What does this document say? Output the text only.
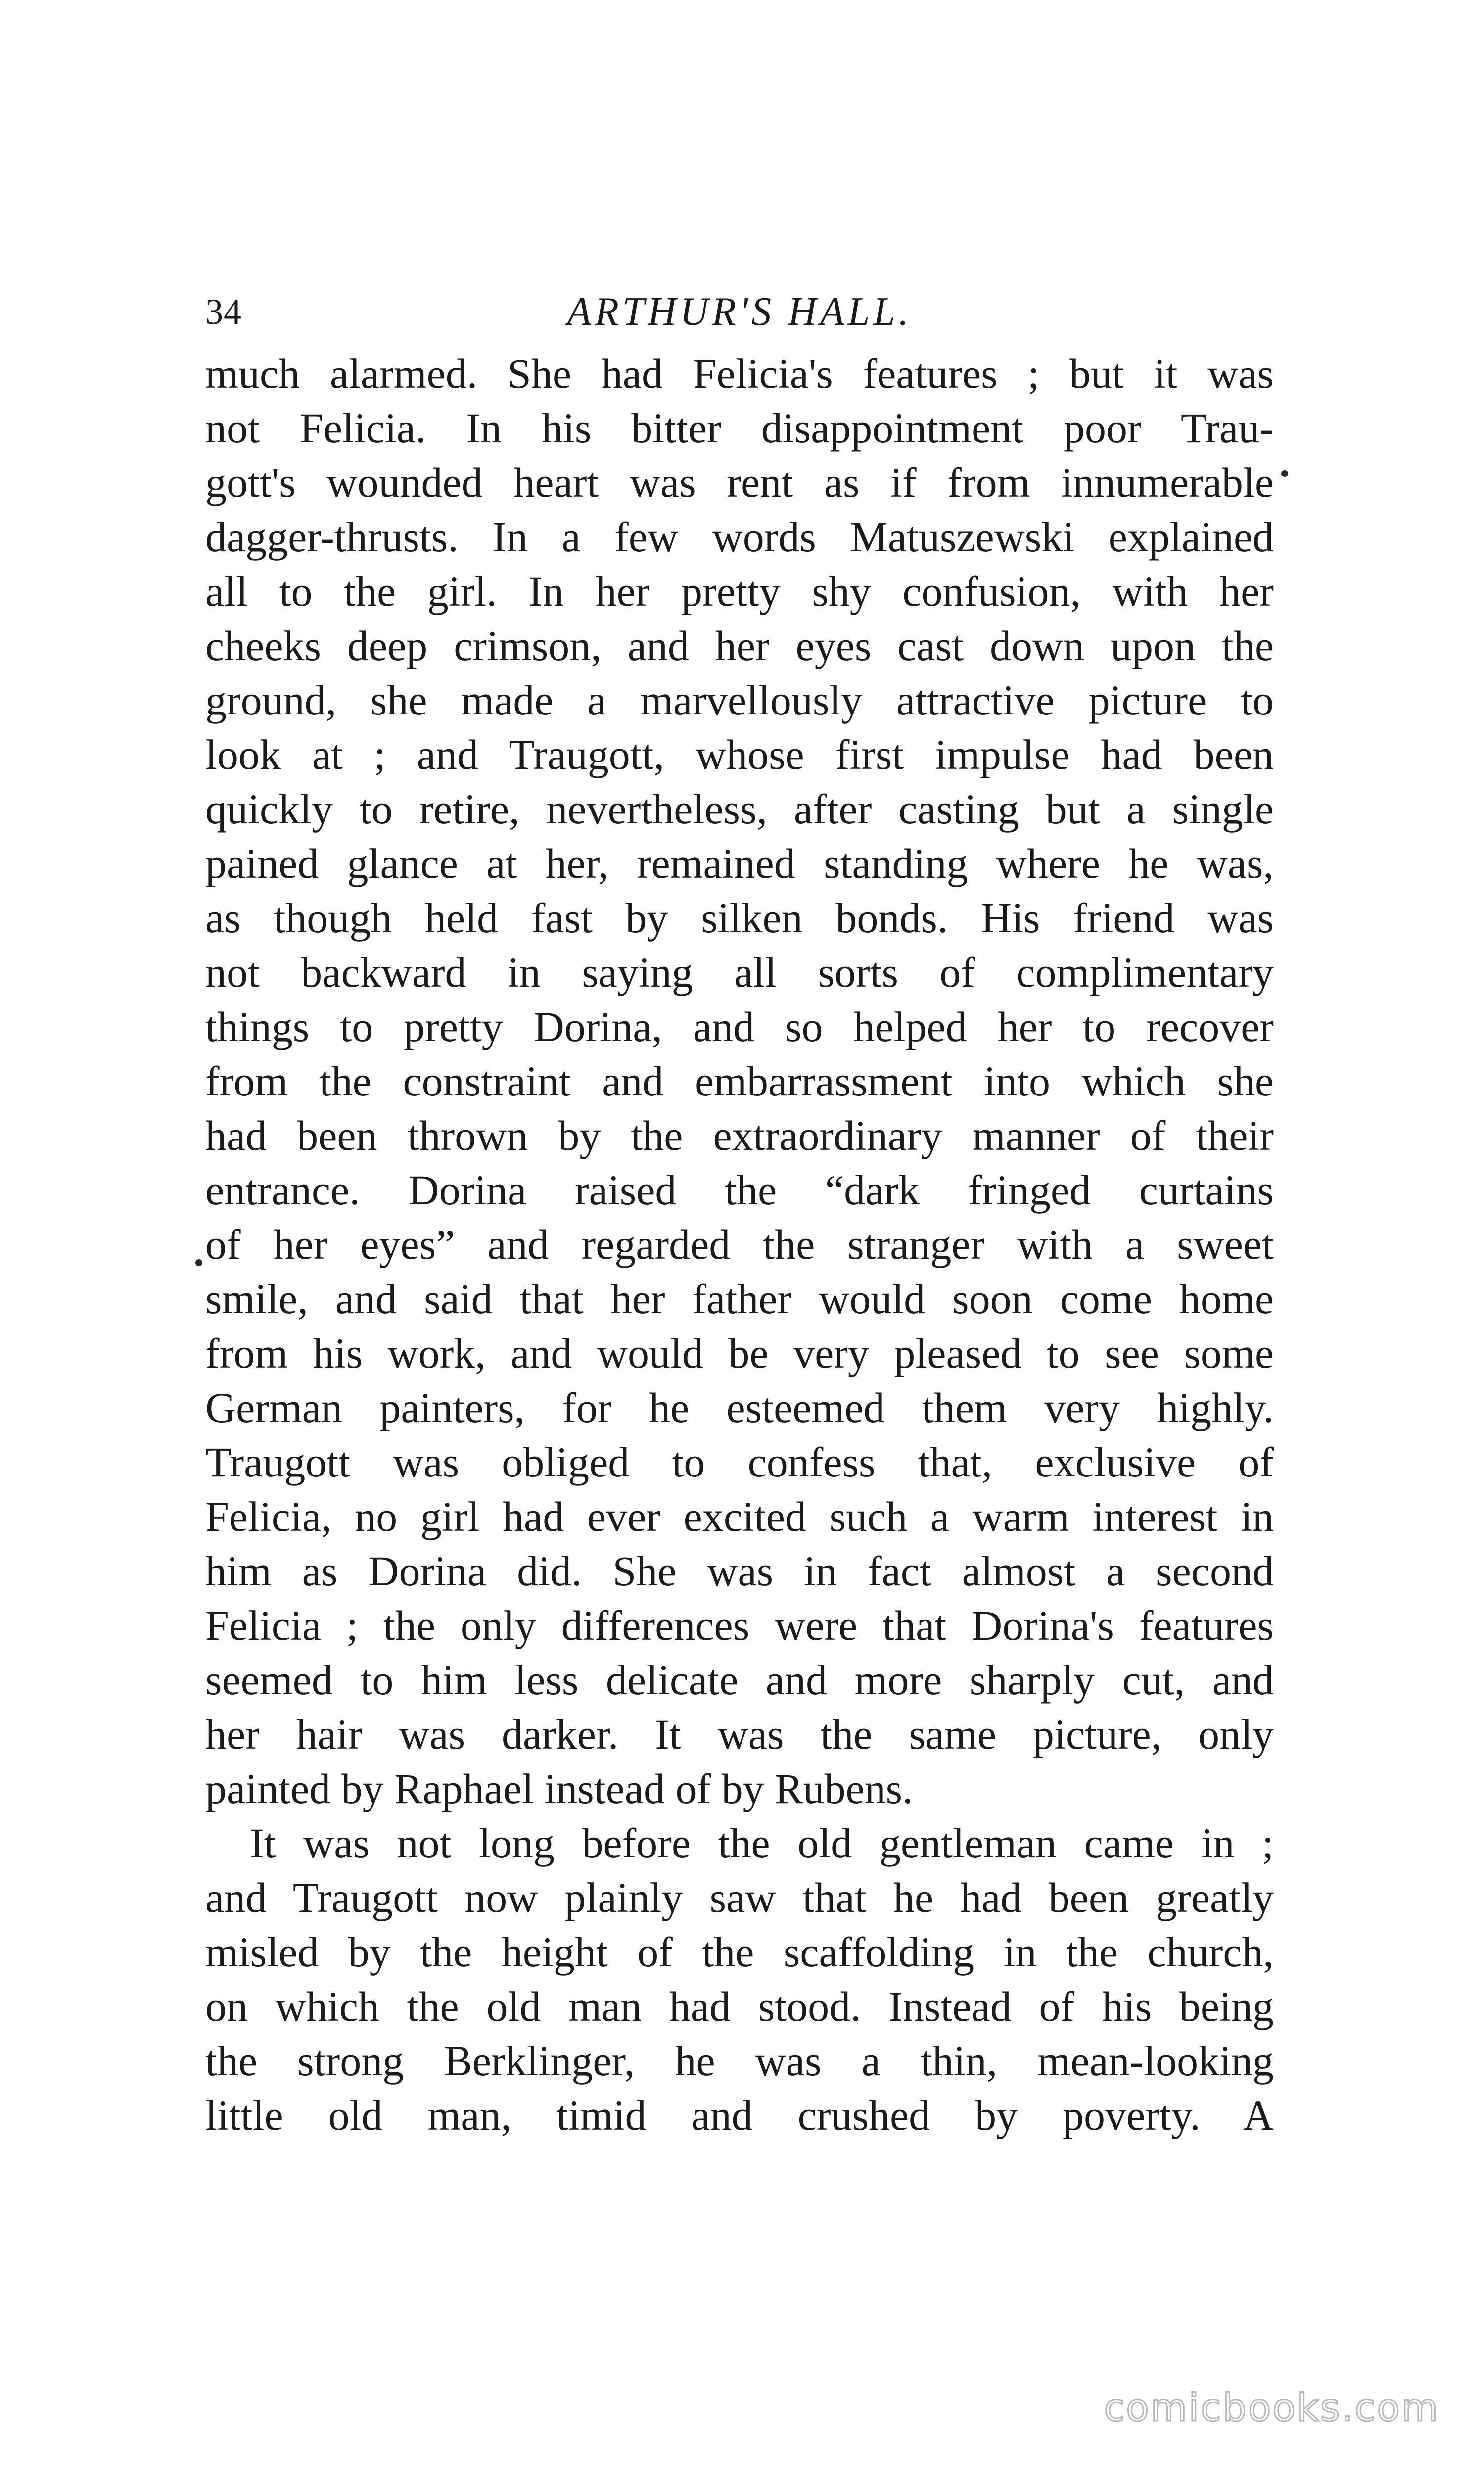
34	ARTHUR'S HALL.
much alarmed. She had Felicia's features ; but it was
not Felicia. In his bitter disappointment poor Trau-
gott's wounded heart was rent as if from innumerable
dagger-thrusts. In a few words Matuszewski explained
all to the girl. In her pretty shy confusion, with her
cheeks deep crimson, and her eyes cast down upon the
ground, she made a marvellously attractive picture to
look at ; and Traugott, whose first impulse had been
quickly to retire, nevertheless, after casting but a single
pained glance at her, remained standing where he was,
as though held fast by silken bonds. His friend was
not backward in saying all sorts of complimentary
things to pretty Dorina, and so helped her to recover
from the constraint and embarrassment into which she
had been thrown by the extraordinary manner of their
entrance. Dorina raised the “dark fringed curtains
of her eyes” and regarded the stranger with a sweet
smile, and said that her father would soon come home
from his work, and would be very pleased to see some
German painters, for he esteemed them very highly.
Traugott was obliged to confess that, exclusive of
Felicia, no girl had ever excited such a warm interest in
him as Dorina did. She was in fact almost a second
Felicia ; the only differences were that Dorina's features
seemed to him less delicate and more sharply cut, and
her hair was darker. It was the same picture, only
painted by Raphael instead of by Rubens.
It was not long before the old gentleman came in ;
and Traugott now plainly saw that he had been greatly
misled by the height of the scaffolding in the church,
on which the old man had stood. Instead of his being
the strong Berklinger, he was a thin, mean-looking
little old man, timid and crushed by poverty. A
comicbooks.com
